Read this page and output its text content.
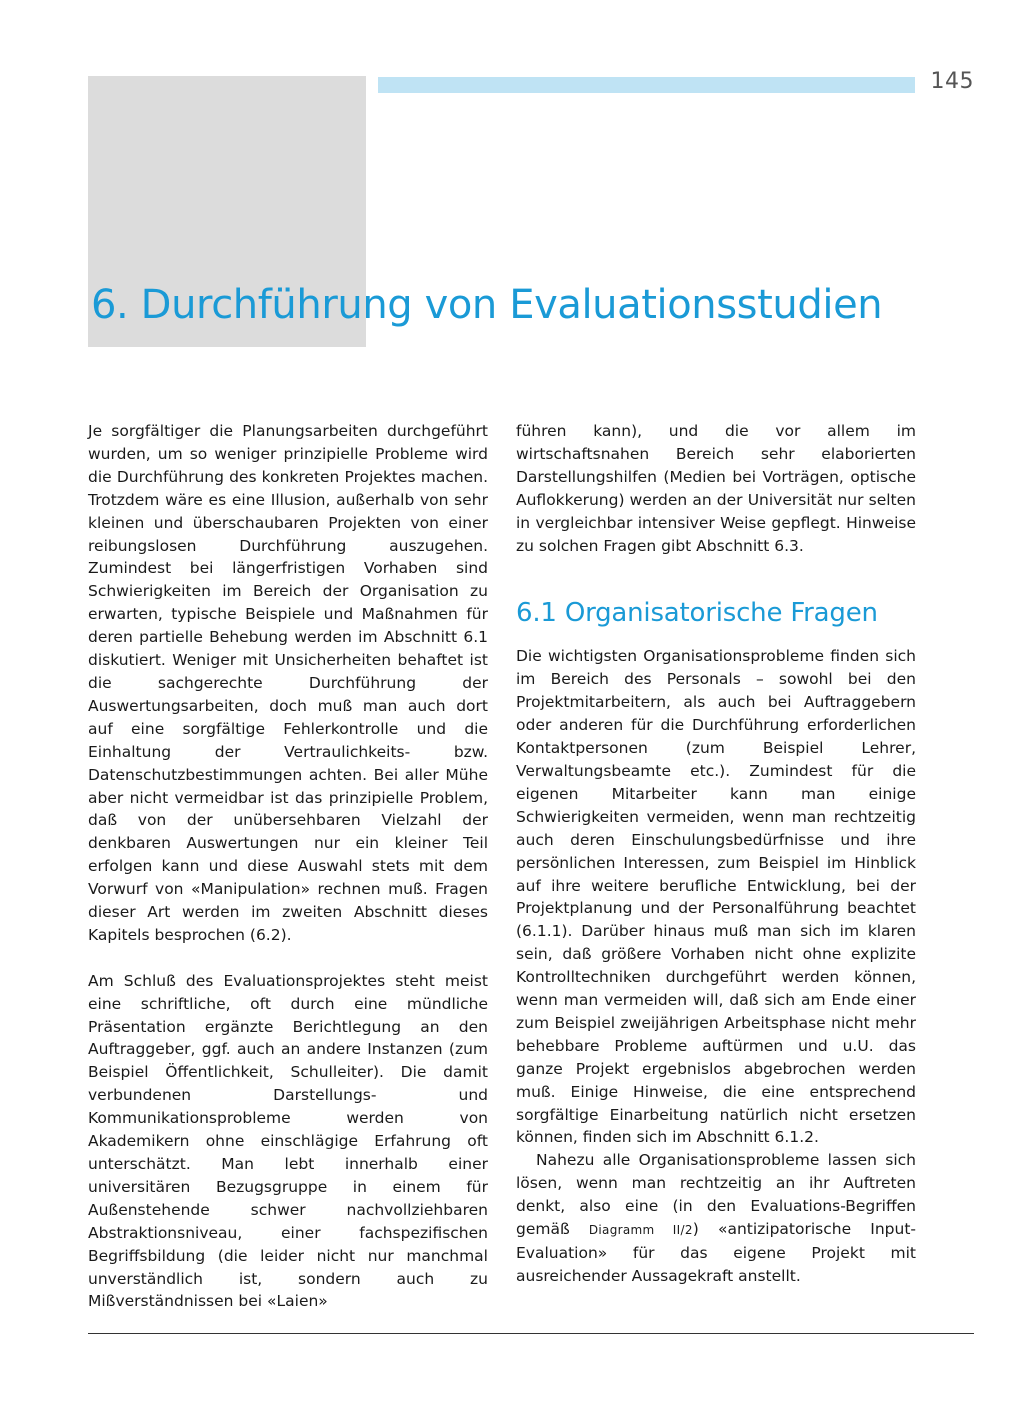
145
6. Durchführung von Evaluationsstudien

Je sorgfältiger die Planungsarbeiten durchgeführt wurden, um so weniger prinzipielle Probleme wird die Durchführung des konkreten Projektes machen. Trotzdem wäre es eine Illusion, außerhalb von sehr kleinen und überschaubaren Projekten von einer reibungslosen Durchführung auszugehen. Zumindest bei längerfristigen Vorhaben sind Schwierigkeiten im Bereich der Organisation zu erwarten, typische Beispiele und Maßnahmen für deren partielle Behebung werden im Abschnitt 6.1 diskutiert. Weniger mit Unsicherheiten behaftet ist die sachgerechte Durchführung der Auswertungsarbeiten, doch muß man auch dort auf eine sorgfältige Fehlerkontrolle und die Einhaltung der Vertraulichkeits- bzw. Datenschutzbestimmungen achten. Bei aller Mühe aber nicht vermeidbar ist das prinzipielle Problem, daß von der unübersehbaren Vielzahl der denkbaren Auswertungen nur ein kleiner Teil erfolgen kann und diese Auswahl stets mit dem Vorwurf von «Manipulation» rechnen muß. Fragen dieser Art werden im zweiten Abschnitt dieses Kapitels besprochen (6.2).

Am Schluß des Evaluationsprojektes steht meist eine schriftliche, oft durch eine mündliche Präsentation ergänzte Berichtlegung an den Auftraggeber, ggf. auch an andere Instanzen (zum Beispiel Öffentlichkeit, Schulleiter). Die damit verbundenen Darstellungs- und Kommunikationsprobleme werden von Akademikern ohne einschlägige Erfahrung oft unterschätzt. Man lebt innerhalb einer universitären Bezugsgruppe in einem für Außenstehende schwer nachvollziehbaren Abstraktionsniveau, einer fachspezifischen Begriffsbildung (die leider nicht nur manchmal unverständlich ist, sondern auch zu Mißverständnissen bei «Laien»

führen kann), und die vor allem im wirtschaftsnahen Bereich sehr elaborierten Darstellungshilfen (Medien bei Vorträgen, optische Auflokkerung) werden an der Universität nur selten in vergleichbar intensiver Weise gepflegt. Hinweise zu solchen Fragen gibt Abschnitt 6.3.

6.1 Organisatorische Fragen

Die wichtigsten Organisationsprobleme finden sich im Bereich des Personals – sowohl bei den Projektmitarbeitern, als auch bei Auftraggebern oder anderen für die Durchführung erforderlichen Kontaktpersonen (zum Beispiel Lehrer, Verwaltungsbeamte etc.). Zumindest für die eigenen Mitarbeiter kann man einige Schwierigkeiten vermeiden, wenn man rechtzeitig auch deren Einschulungsbedürfnisse und ihre persönlichen Interessen, zum Beispiel im Hinblick auf ihre weitere berufliche Entwicklung, bei der Projektplanung und der Personalführung beachtet (6.1.1). Darüber hinaus muß man sich im klaren sein, daß größere Vorhaben nicht ohne explizite Kontrolltechniken durchgeführt werden können, wenn man vermeiden will, daß sich am Ende einer zum Beispiel zweijährigen Arbeitsphase nicht mehr behebbare Probleme auftürmen und u.U. das ganze Projekt ergebnislos abgebrochen werden muß. Einige Hinweise, die eine entsprechend sorgfältige Einarbeitung natürlich nicht ersetzen können, finden sich im Abschnitt 6.1.2.

Nahezu alle Organisationsprobleme lassen sich lösen, wenn man rechtzeitig an ihr Auftreten denkt, also eine (in den Evaluations-Begriffen gemäß Diagramm II/2) «antizipatorische Input-Evaluation» für das eigene Projekt mit ausreichender Aussagekraft anstellt.
